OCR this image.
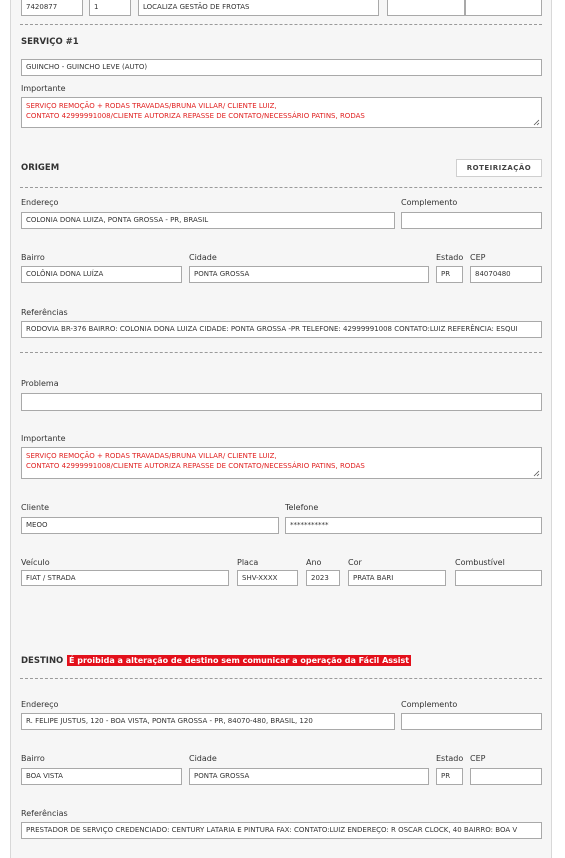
7420877	1	LOCALIZA GESTÃO DE FROTAS
SERVIÇO #1
GUINCHO - GUINCHO LEVE (AUTO)
Importante
SERVIÇO REMOÇÃO + RODAS TRAVADAS/BRUNA VILLAR/ CLIENTE LUIZ,
CONTATO 42999991008/CLIENTE AUTORIZA REPASSE DE CONTATO/NECESSÁRIO PATINS, RODAS
ORIGEM	ROTEIRIZAÇÃO
Endereço
COLONIA DONA LUIZA, PONTA GROSSA - PR, BRASIL
Complemento
Bairro
COLÔNIA DONA LUÍZA
Cidade
PONTA GROSSA
Estado
PR
CEP
84070480
Referências
RODOVIA BR-376 BAIRRO: COLONIA DONA LUIZA CIDADE: PONTA GROSSA -PR TELEFONE: 42999991008 CONTATO:LUIZ REFERÊNCIA: ESQUI
Problema
Importante
SERVIÇO REMOÇÃO + RODAS TRAVADAS/BRUNA VILLAR/ CLIENTE LUIZ,
CONTATO 42999991008/CLIENTE AUTORIZA REPASSE DE CONTATO/NECESSÁRIO PATINS, RODAS
Cliente
MEOO
Telefone
***********
Veículo
FIAT / STRADA
Placa
SHV-XXXX
Ano
2023
Cor
PRATA BARI
Combustível
DESTINO É proibida a alteração de destino sem comunicar a operação da Fácil Assist
Endereço
R. FELIPE JUSTUS, 120 - BOA VISTA, PONTA GROSSA - PR, 84070-480, BRASIL, 120
Complemento
Bairro
BOA VISTA
Cidade
PONTA GROSSA
Estado
PR
CEP
Referências
PRESTADOR DE SERVIÇO CREDENCIADO: CENTURY LATARIA E PINTURA FAX: CONTATO:LUIZ ENDEREÇO: R OSCAR CLOCK, 40 BAIRRO: BOA V
